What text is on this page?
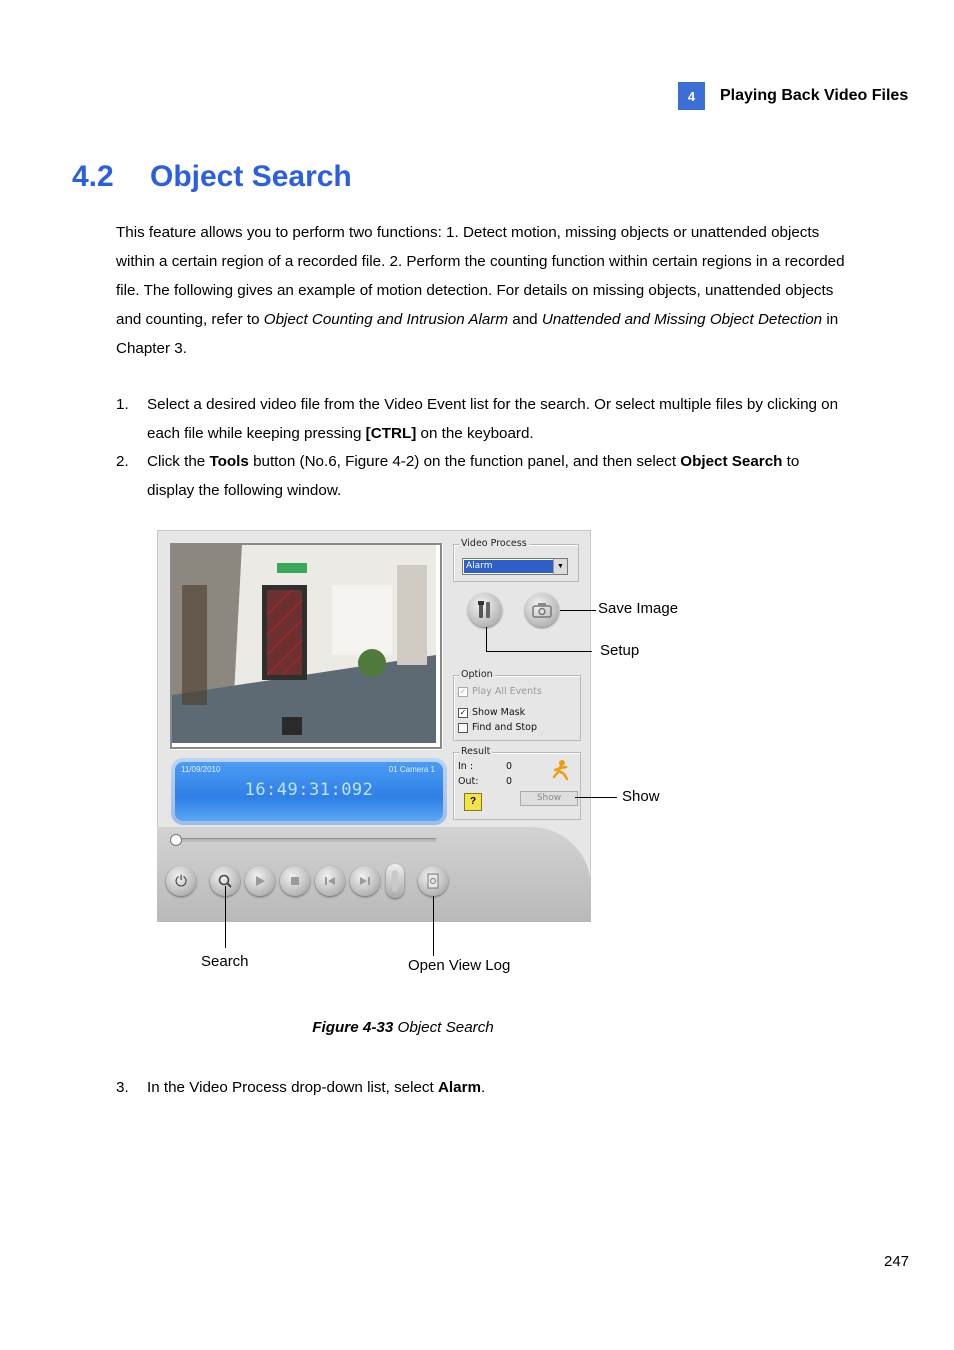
4	Playing Back Video Files
4.2 Object Search
This feature allows you to perform two functions: 1. Detect motion, missing objects or unattended objects within a certain region of a recorded file. 2. Perform the counting function within certain regions in a recorded file. The following gives an example of motion detection. For details on missing objects, unattended objects and counting, refer to Object Counting and Intrusion Alarm and Unattended and Missing Object Detection in Chapter 3.
1. Select a desired video file from the Video Event list for the search. Or select multiple files by clicking on each file while keeping pressing [CTRL] on the keyboard.
2. Click the Tools button (No.6, Figure 4-2) on the function panel, and then select Object Search to display the following window.
11/09/2010	01 Camera 1
16:49:31:092
Video Process
Alarm	▼
Option
✓ Play All Events
✓ Show Mask
Find and Stop
Result
In :	0
Out:	0
?	Show
⏻
Save Image
Setup
Show
Search	Open View Log
Figure 4-33 Object Search
3. In the Video Process drop-down list, select Alarm.
247
